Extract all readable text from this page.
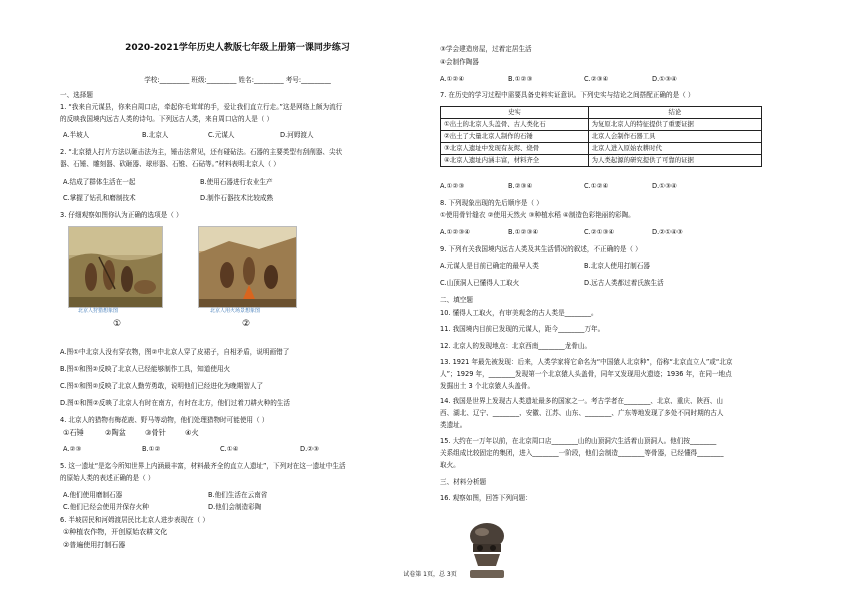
2020-2021学年历史人教版七年级上册第一课同步练习
学校:_________ 班级:_________ 姓名:_________ 考号:_________
一、选择题
1. “我来自元谋县，你来自周口店，牵起你毛茸茸的手，爱让我们直立行走。”这是网络上颇为流行
的反映我国境内远古人类的诗句。下列远古人类，来自周口店的人是（ ）
A.半坡人	B.北京人	C.元谋人	D.河姆渡人
2. “北京猿人打片方法以砸击法为主，锤击法常见，还有碰砧法。石器的主要类型有刮削器、尖状
器、石锤、雕刻器、砍砸器、球形器、石锥、石砧等。”材料表明北京人（ ）
A.结成了群体生活在一起	B.使用石器进行农业生产
C.掌握了钻孔和磨制技术	D.制作石器技术比较成熟
3. 仔细观察如图你认为正确的选项是（ ）
北京人狩猎想象图
①
北京人用火场景想象图
②
A.图①中北京人没有穿衣物，图②中北京人穿了皮裙子，自相矛盾，说明画错了
B.图①和图②反映了北京人已经能够制作工具，知道使用火
C.图①和图②反映了北京人勤劳勇敢，说明他们已经进化为晚期智人了
D.图①和图②反映了北京人有时在南方，有时在北方，他们过着刀耕火种的生活
4. 北京人的猎物有梅花鹿、野马等动物，他们处理猎物时可能使用（ ）
①石锤	②陶盆	③骨针	④火
A.②③	B.①②	C.①④	D.②③
5. 这一遗址“是迄今所知世界上内涵最丰富，材料最齐全的直立人遗址”，下列对在这一遗址中生活
的原始人类的表述正确的是（ ）
A.他们使用磨制石器	B.他们生活在云南省
C.他们已经会使用并保存火种	D.他们会制造彩陶
6. 半坡居民和河姆渡居民比北京人进步表现在（ ）
①种植农作物，开创原始农耕文化
②普遍使用打制石器
③学会建造房屋，过着定居生活
④会制作陶器
A.①②④	B.①②③	C.②③④	D.①③④
7. 在历史的学习过程中需要具备史料实证意识。下列史实与结论之间搭配正确的是（ ）
史实	结论
①出土的北京人头盖骨、古人类化石	为复原北京人的特征提供了重要证据
②出土了大量北京人制作的石锤	北京人会制作石器工具
③北京人遗址中发现有灰烬、烧骨	北京人进入原始农耕时代
④北京人遗址内涵丰富，材料齐全	为人类起源的研究提供了可靠的证据
A.①②③	B.②③④	C.①②④	D.①③④
8. 下列现象出现的先后顺序是（ ）
①使用骨针缝衣 ②使用天然火 ③种植水稻 ④制造色彩艳丽的彩陶。
A.①②③④	B.①②③④	C.②①③④	D.②①④③
9. 下列有关我国境内远古人类及其生活情况的叙述，不正确的是（ ）
A.元谋人是目前已确定的最早人类	B.北京人使用打制石器
C.山顶洞人已懂得人工取火	D.远古人类都过着氏族生活
二、填空题
10. 懂得人工取火，有审美观念的古人类是________。
11. 我国境内目前已发现的元谋人，距今________万年。
12. 北京人的发现地点：北京西南________龙骨山。
13. 1921 年最先被发现：后来，人类学家将它命名为“中国猿人北京种”，俗称“北京直立人”或“北京
人”；1929 年，________发现第一个北京猿人头盖骨，同年又发现用火遗迹；1936 年，在同一地点
发掘出土 3 个北京猿人头盖骨。
14. 我国是世界上发现古人类遗址最多的国家之一。考古学者在________、北京、重庆、陕西、山
西、湖北、辽宁、________、安徽、江苏、山东、________、广东等地发现了多处不同时期的古人
类遗址。
15. 大约在一万年以前，在北京周口店________山的山顶洞穴生活着山顶洞人。他们按________
关系组成比较固定的集团，进入________一阶段，他们会制造________等骨器，已经懂得________
取火。
三、材料分析题
16. 观察如图，回答下列问题：
试卷第 1页，总 3页
